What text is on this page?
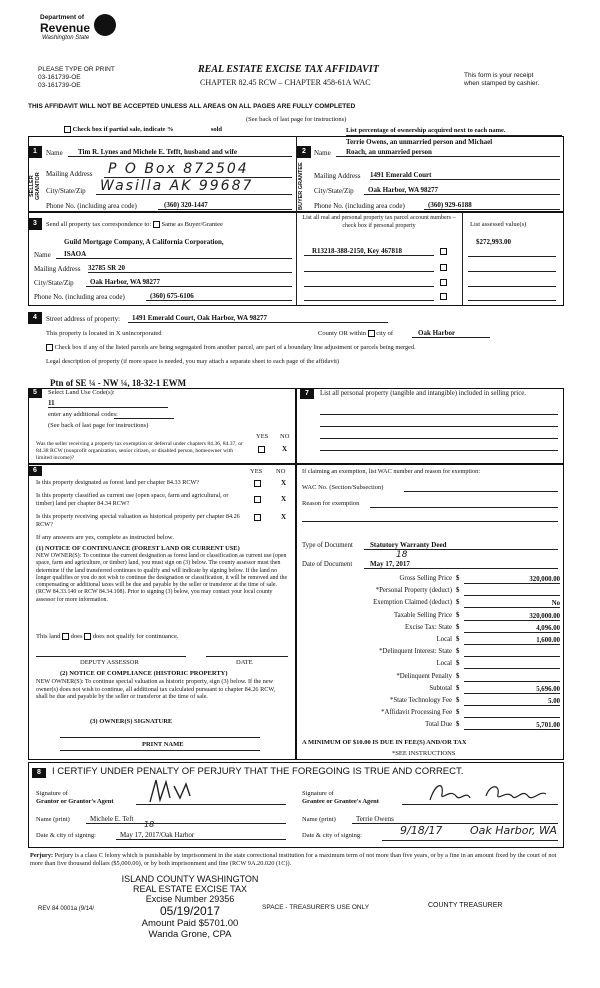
Department of
Revenue
Washington State
PLEASE TYPE OR PRINT
03-161739-OE
03-161739-OE
REAL ESTATE EXCISE TAX AFFIDAVIT
CHAPTER 82.45 RCW – CHAPTER 458-61A WAC
This form is your receipt
when stamped by cashier.
THIS AFFIDAVIT WILL NOT BE ACCEPTED UNLESS ALL AREAS ON ALL PAGES ARE FULLY COMPLETED
(See back of last page for instructions)
Check box if partial sale, indicate %	sold	List percentage of ownership acquired next to each name.
1
SELLER GRANTOR
Name	Tim R. Lynes and Michele E. Tefft, husband and wife
Mailing Address P O Box 872504
City/State/Zip Wasilla AK 99687
Phone No. (including area code)	(360) 320-1447
2
BUYER GRANTEE
Terrie Owens, an unmarried person and Michael
Name	Roach, an unmarried person
Mailing Address 1491 Emerald Court
City/State/Zip	Oak Harbor, WA 98277
Phone No. (including area code)	(360) 929-6188
3	Send all property tax correspondence to: Same as Buyer/Grantee
Guild Mortgage Company, A California Corporation,
Name	ISAOA
Mailing Address 32785 SR 20
City/State/Zip	Oak Harbor, WA 98277
Phone No. (including area code)	(360) 675-6106
List all real and personal property tax parcel account numbers – check box if personal property	List assessed value(s)
$272,993.00
R13218-388-2150, Key 467818
4	Street address of property:	1491 Emerald Court, Oak Harbor, WA 98277
This property is located in X unincorporated	County OR within city of	Oak Harbor
Check box if any of the listed parcels are being segregated from another parcel, are part of a boundary line adjustment or parcels being merged.
Legal description of property (if more space is needed, you may attach a separate sheet to each page of the affidavit)
Ptn of SE ¼ - NW ¼, 18-32-1 EWM
5	Select Land Use Code(s):
11
enter any additional codes:
(See back of last page for instructions)
YES NO
Was the seller receiving a property tax exemption or deferral under chapters 84.36, 84.37, or 84.38 RCW (nonprofit organization, senior citizen, or disabled person, homeowner with limited income)?
X
7	List all personal property (tangible and intangible) included in selling price.
6	YES NO
Is this property designated as forest land per chapter 84.33 RCW?	X
Is this property classified as current use (open space, farm and agricultural, or timber) land per chapter 84.34 RCW?	X
Is this property receiving special valuation as historical property per chapter 84.26 RCW?
X
If any answers are yes, complete as instructed below.
(1) NOTICE OF CONTINUANCE (FOREST LAND OR CURRENT USE)
NEW OWNER(S): To continue the current designation as forest land or classification as current use (open space, farm and agriculture, or timber) land, you must sign on (3) below. The county assessor must then determine if the land transferred continues to qualify and will indicate by signing below. If the land no longer qualifies or you do not wish to continue the designation or classification, it will be removed and the compensating or additional taxes will be due and payable by the seller or transferor at the time of sale. (RCW 84.33.140 or RCW 84.34.108). Prior to signing (3) below, you may contact your local county assessor for more information.
This land does does not qualify for continuance.
DEPUTY ASSESSOR	DATE
(2) NOTICE OF COMPLIANCE (HISTORIC PROPERTY)
NEW OWNER(S): To continue special valuation as historic property, sign (3) below. If the new owner(s) does not wish to continue, all additional tax calculated pursuant to chapter 84.26 RCW, shall be due and payable by the seller or transferor at the time of sale.
(3) OWNER(S) SIGNATURE
PRINT NAME
If claiming an exemption, list WAC number and reason for exemption:
WAC No. (Section/Subsection)
Reason for exemption
Type of Document	Statutory Warranty Deed
Date of Document	May 17, 2017
18
Gross Selling Price $	320,000.00
*Personal Property (deduct) $
Exemption Claimed (deduct) $	No
Taxable Selling Price $	320,000.00
Excise Tax: State $	4,096.00
Local $	1,600.00
*Delinquent Interest: State $
Local $
*Delinquent Penalty $
Subtotal $	5,696.00
*State Technology Fee $	5.00
*Affidavit Processing Fee $
Total Due $	5,701.00
A MINIMUM OF $10.00 IS DUE IN FEE(S) AND/OR TAX
*SEE INSTRUCTIONS
8	I CERTIFY UNDER PENALTY OF PERJURY THAT THE FOREGOING IS TRUE AND CORRECT.
Signature of
Grantor or Grantor's Agent
Name (print)	Michele E. Teft
Date & city of signing:	May 17, 2017/Oak Harbor
18
Signature of
Grantee or Grantee's Agent
Name (print)	Terrie Owens
Date & city of signing:	9/18/17	Oak Harbor, WA
Perjury: Perjury is a class C felony which is punishable by imprisonment in the state correctional institution for a maximum term of not more than five years, or by a fine in an amount fixed by the court of not more than five thousand dollars ($5,000.00), or by both imprisonment and fine (RCW 9A.20.020 (1C)).
ISLAND COUNTY WASHINGTON
REAL ESTATE EXCISE TAX
Excise Number 29356
05/19/2017
Amount Paid $5701.00
Wanda Grone, CPA
REV 84 0001a (9/14/	SPACE - TREASURER'S USE ONLY	COUNTY TREASURER
